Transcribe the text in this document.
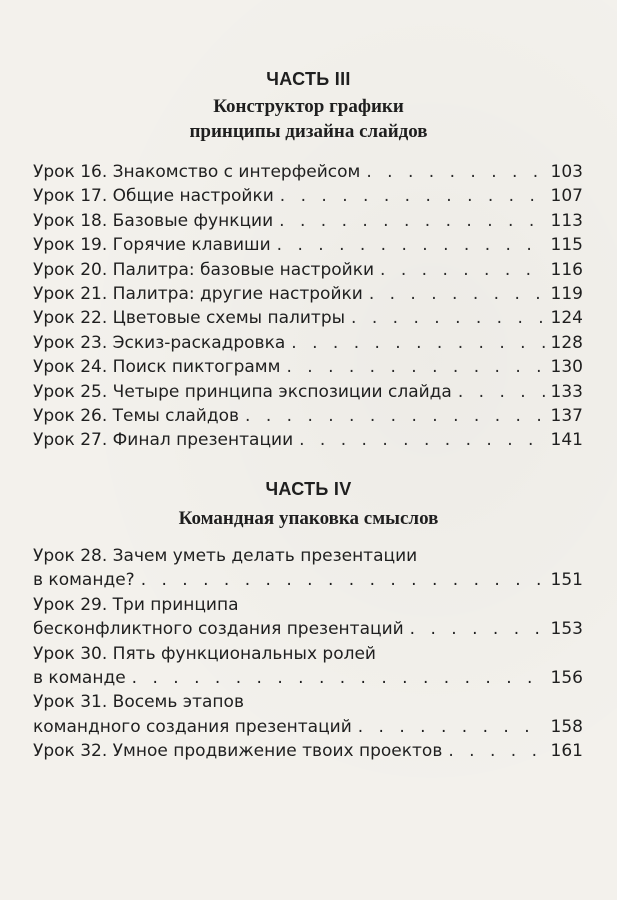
ЧАСТЬ III

Конструктор графики

принципы дизайна слайдов

Урок 16. Знакомство с интерфейсом . . .	103
Урок 17. Общие настройки . . .	107
Урок 18. Базовые функции . . .	113
Урок 19. Горячие клавиши . . .	115
Урок 20. Палитра: базовые настройки . . .	116
Урок 21. Палитра: другие настройки . . .	119
Урок 22. Цветовые схемы палитры . . .	124
Урок 23. Эскиз-раскадровка . . .	128
Урок 24. Поиск пиктограмм . . .	130
Урок 25. Четыре принципа экспозиции слайда . . .	133
Урок 26. Темы слайдов . . .	137
Урок 27. Финал презентации . . .	141

ЧАСТЬ IV

Командная упаковка смыслов

Урок 28. Зачем уметь делать презентации
в команде? . . .	151
Урок 29. Три принципа
бесконфликтного создания презентаций . . .	153
Урок 30. Пять функциональных ролей
в команде . . .	156
Урок 31. Восемь этапов
командного создания презентаций . . .	158
Урок 32. Умное продвижение твоих проектов . . .	161
